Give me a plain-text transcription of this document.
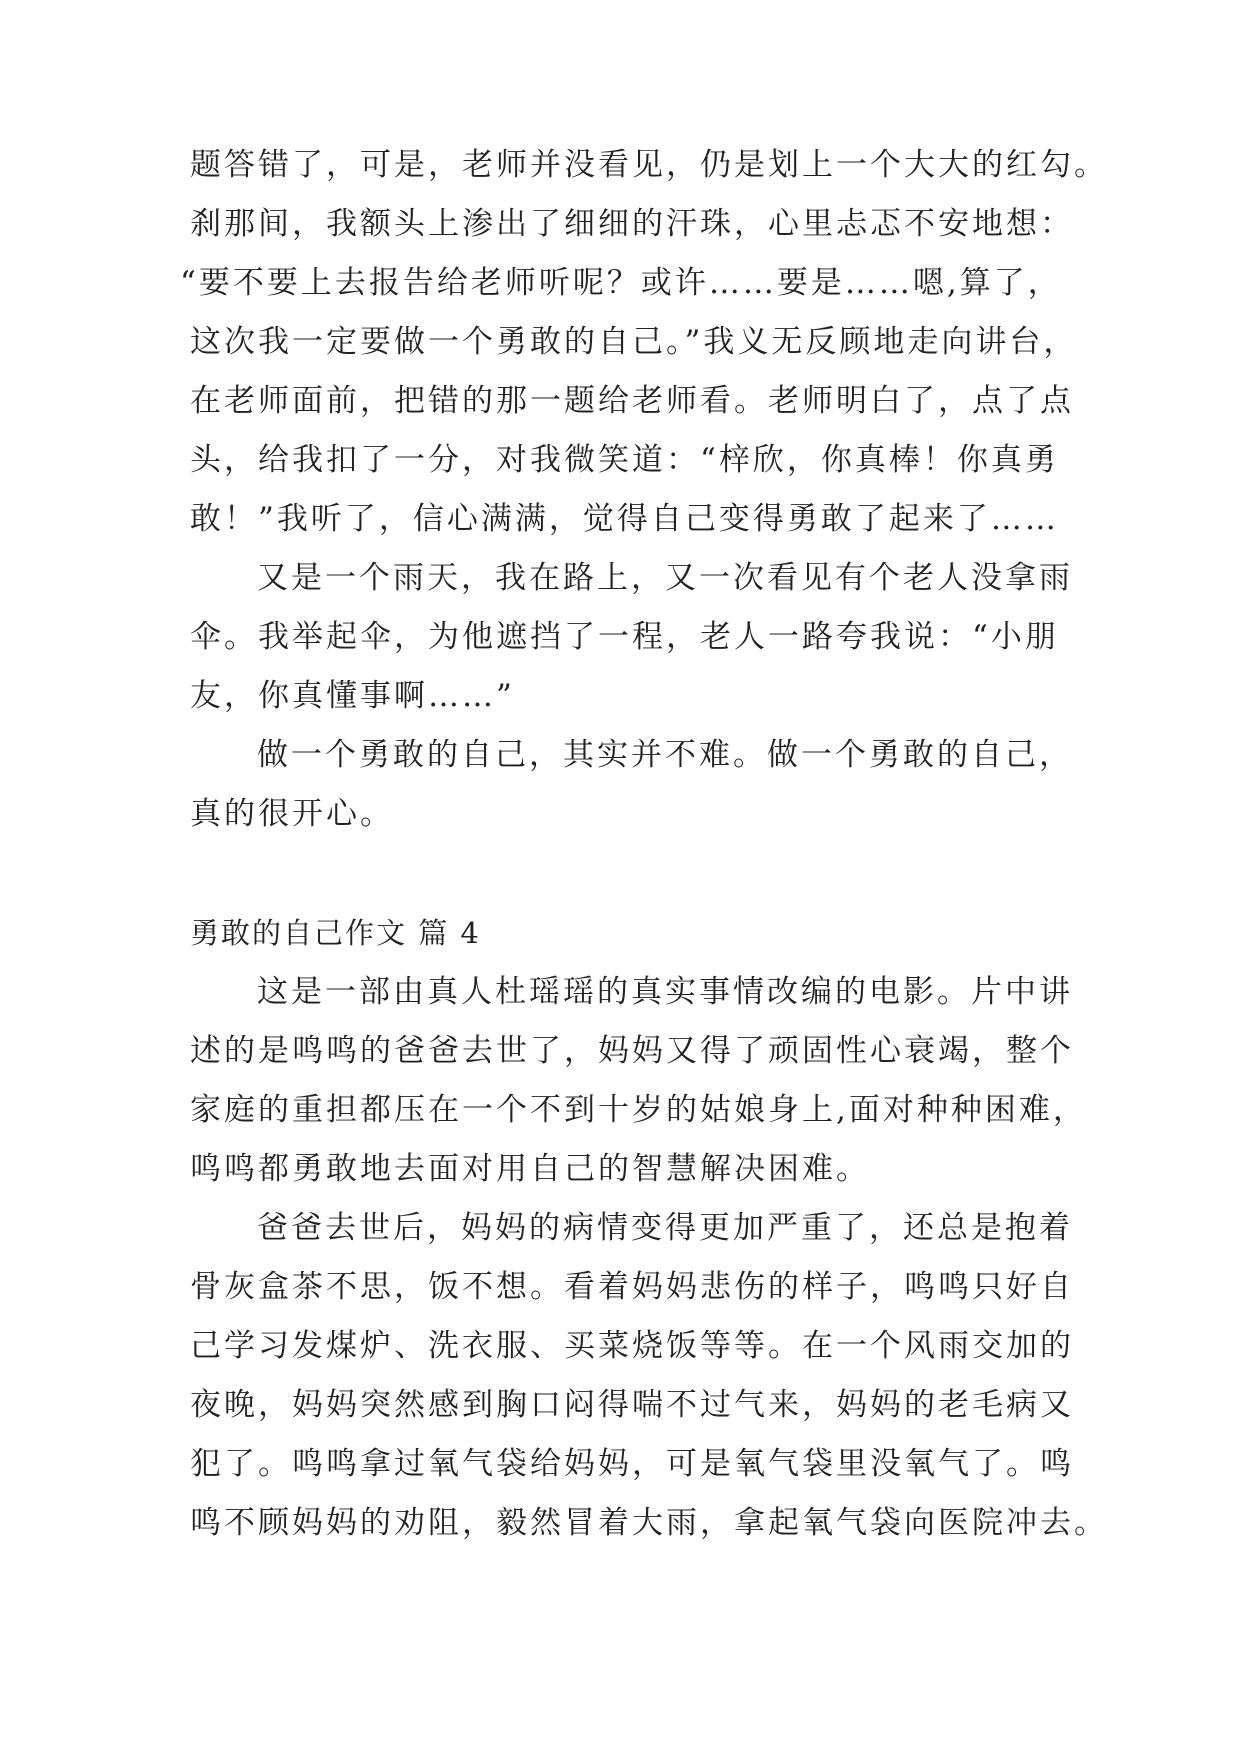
题答错了，可是，老师并没看见，仍是划上一个大大的红勾。
刹那间，我额头上渗出了细细的汗珠，心里忐忑不安地想：
“要不要上去报告给老师听呢？或许……要是……嗯,算了，
这次我一定要做一个勇敢的自己。”我义无反顾地走向讲台，
在老师面前，把错的那一题给老师看。老师明白了，点了点
头，给我扣了一分，对我微笑道：“梓欣，你真棒！你真勇
敢！”我听了，信心满满，觉得自己变得勇敢了起来了……
又是一个雨天，我在路上，又一次看见有个老人没拿雨
伞。我举起伞，为他遮挡了一程，老人一路夸我说：“小朋
友，你真懂事啊……”
做一个勇敢的自己，其实并不难。做一个勇敢的自己，
真的很开心。
勇敢的自己作文 篇 4
这是一部由真人杜瑶瑶的真实事情改编的电影。片中讲
述的是鸣鸣的爸爸去世了，妈妈又得了顽固性心衰竭，整个
家庭的重担都压在一个不到十岁的姑娘身上,面对种种困难，
鸣鸣都勇敢地去面对用自己的智慧解决困难。
爸爸去世后，妈妈的病情变得更加严重了，还总是抱着
骨灰盒茶不思，饭不想。看着妈妈悲伤的样子，鸣鸣只好自
己学习发煤炉、洗衣服、买菜烧饭等等。在一个风雨交加的
夜晚，妈妈突然感到胸口闷得喘不过气来，妈妈的老毛病又
犯了。鸣鸣拿过氧气袋给妈妈，可是氧气袋里没氧气了。鸣
鸣不顾妈妈的劝阻，毅然冒着大雨，拿起氧气袋向医院冲去。
